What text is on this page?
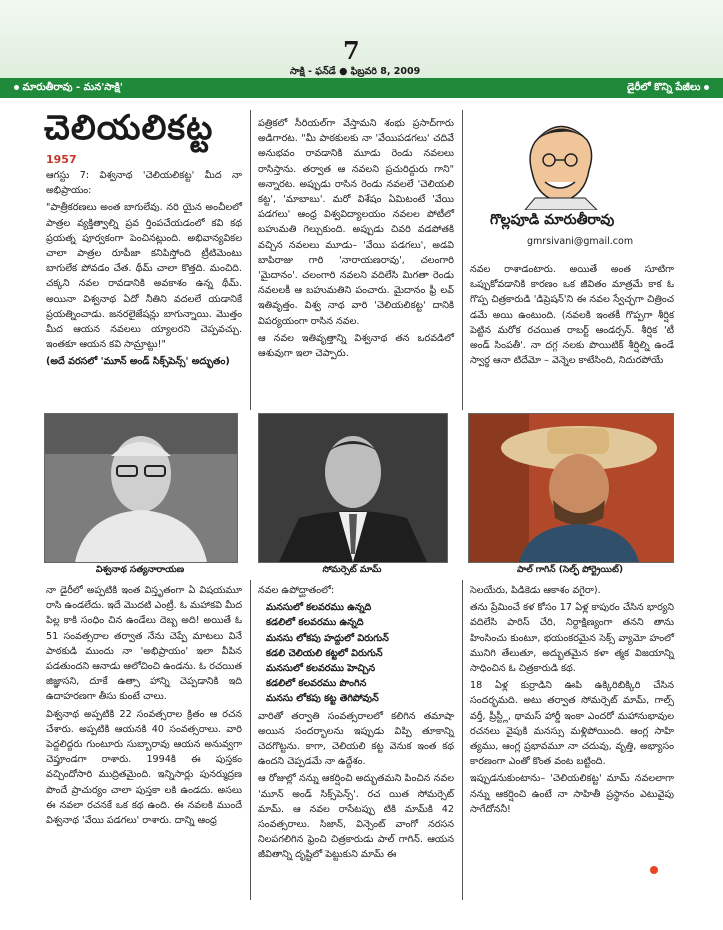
7
సాక్షి - ఫన్‌డే ● ఫిబ్రవరి 8, 2009
మారుతీరావు - మన'సాక్షి'	డైరీలో కొన్ని పేజీలు
చెలియలికట్ట
1957

ఆగస్టు 7: విశ్వనాథ 'చెలియలికట్ట' మీద నా అభిప్రాయం:

"పాత్రీకరణలు అంత బాగులేవు. నరి యైన అంచీలలో పాత్రల వ్యక్తిత్వాల్ని ప్రవ ర్తింపచేయడంలో కవి కథ ప్రయత్న పూర్వకంగా పెంచినట్లుంది. అభివాన్యవికల చాలా పాత్రల రూపీజా కనిపిస్తోంది ట్రీటిమెంటు బాగులేక పోవడం చేత. థీమ్ చాలా కొత్తది. మంచిది. చక్కని నవల రావడానికి అవకాశం ఉన్న థీమ్. అయినా విశ్వనాథ ఏదో నీతిని వదలలే యడానికే ప్రయత్నించాడు. జనరలైజేషన్లు బాగున్నాయి. మొత్తం మీద ఆయన నవలలు య్యాలరని చెప్పవచ్చు. ఇంతకూ ఆయన కవి సామ్రాట్టు!"

(అదే వరసలో 'మూన్ అండ్ సిక్స్‌పెన్స్' అద్భుతం)

పత్రికలో సీరియల్‌గా వేస్తామని శంభు ప్రసాద్‌గారు అడిగారట. "మీ పాఠకులకు నా 'వేయిపడగలు' చదివే అనుభవం రావడానికి మూడు రెండు నవలలు రాసిస్తాను. తర్వాత ఆ నవలని ప్రచురిద్దురు గాని" అన్నారట. అప్పుడు రాసిన రెండు నవలలే 'చెలియలి కట్ట', 'మాబాబు'. మరో విశేషం ఏమిటంటే 'వేయి పడగలు' ఆంధ్ర విశ్వవిద్యాలయం నవలల పోటీలో బహుమతి గెల్చుకుంది. అప్పుడు చివరి వడపోతకి వచ్చిన నవలలు మూడు– 'వేయి పడగలు', అడవి బాపిరాజు గారి 'నారాయణరావు', చలంగారి 'మైదానం'. చలంగారి నవలని వదిలేసి మిగతా రెండు నవలలకీ ఆ బహుమతిని పంచారు. మైదానం ఫ్రీ లవ్ ఇతివృత్తం. విశ్వ నాథ వారి 'చెలియలికట్ట' దానికి విపర్యయంగా రాసిన నవల.

ఆ నవల ఇతివృత్తాన్ని విశ్వనాథ తన ఒరవడిలో ఆశువుగా ఇలా చెప్పారు.

గొల్లపూడి మారుతీరావు
gmrsivani@gmail.com

నవల రాశాడంటారు. అయితే అంత సూటిగా ఒప్పుకోవడానికి కారణం ఒక జీవితం మాత్రమే కాక ఓ గొప్ప చిత్రకారుడి 'డిప్రెషన్'ని ఈ నవల స్వేచ్ఛగా చిత్రించ డమే అయి ఉంటుంది. (నవలకి ఇంతకీ గొప్పగా శీర్షిక పెట్టిన మరోక రచయిత రాబర్ట్ ఆండర్సన్. శీర్షిక 'టీ అండ్ సింపతీ'. నా దగ్గ నలకు పొయిటిక్ శీర్షిల్ని ఉండే స్వార్థ ఆనా టిదేమో – వెన్నెల కాటేసింది, నిదురపోయే

విశ్వనాథ సత్యనారాయణ	సోమర్సెట్ మామ్	పాల్ గాగిన్ (సెల్ఫ్ పోర్ట్రెయిట్)

నా డైరీలో అప్పటికి ఇంత విస్తృతంగా ఏ విషయమూ రాసి ఉండలేదు. ఇదే మొదటి ఎంట్రీ. ఓ మహాకవి మీద పిల్ల కాకి సంధిం చిన ఉండేలు దెబ్బ అది! అయితే ఓ 51 సంవత్సరాల తర్వాత నేను చెప్పే మాటలు వినే పాఠకుడి ముందు నా 'అభిప్రాయం' ఇలా వీపిన పడతుందని ఆనాడు ఆలోచించి ఉండను. ఓ రచయిత జిజ్ఞాసని, దూకే ఉత్సా హాన్ని చెప్పడానికి ఇది ఉదాహరణగా తీసు కుంటే చాలు.

విశ్వనాథ అప్పటికి 22 సంవత్సరాల క్రితం ఆ రచన చేశారు. అప్పటికి ఆయనకి 40 సంవత్సరాలు. వారి పెద్దలిద్దరు గుంటూరు సుబ్బారావు ఆయన అనువ్వగా చెప్తూండగా రాశారు. 1994కి ఈ పుస్తకం వచ్చిందోసారి ముద్రితమైంది. ఇన్నిసార్లు పునర్ముద్రణ పొందే ప్రాచుర్యం చాలా పుస్తకా లకి ఉండదు. అసలు ఈ నవలా రచనకే ఒక కథ ఉంది. ఈ నవలకి ముందే విశ్వనాథ 'వేయి పడగలు' రాశారు. దాన్ని ఆంధ్ర

నవల ఉపోద్ఘాతంలో:

మనసులో కలవరము ఉన్నది
కడలిలో కలవరము ఉన్నది
మనసు లోకపు హద్దులో విరుగున్
కడలి చెలియలి కట్టలో విరుగున్
మనసులో కలవరము హెచ్చిన
కడలిలో కలవరము పొంగిన
మనసు లోకపు కట్ట తెగిపోవున్

వారితో తర్వాతి సంవత్సరాలలో కలిగిన తమాషా అయిన సందర్భాలను ఇప్పుడు విప్పి తూకాన్ని చెదగొట్టను. కాగా, చెలియలి కట్ట వెనుక ఇంత కథ ఉందని చెప్పడమే నా ఉద్దేశం.

ఆ రోజుల్లో నన్ను ఆకర్షించి అద్భుతమని పించిన నవల 'మూన్ అండ్ సిక్స్‌పెన్స్'. రచ యిత సోమర్సెట్ మామ్. ఆ నవల రాసేటప్పు టికి మామ్‌కి 42 సంవత్సరాలు. సిజాన్, విన్సెంట్ వాంగో నరసన నిలపగలిగిన ఫ్రెంచి చిత్రకారుడు పాల్ గాగిన్. ఆయన జీవితాన్ని దృష్టిలో పెట్టుకుని మామ్ ఈ

సెలయేరు, పిడికెడు ఆకాశం వగైరా).

తను ప్రేమించే కళ కోసం 17 ఏళ్ల కాపురం చేసిన భార్యని వదిలేసి పారిస్ చేరి, నిర్దాక్షిణ్యంగా తనని తాను హింసించు కుంటూ, భయంకరమైన సెక్స్ వ్యామో హంలో మునిగి తేలుతూ, అద్భుతమైన కళా త్మక విజయాన్ని సాధించిన ఓ చిత్రకారుడి కథ.

18 ఏళ్ల కుర్రాడిని ఊపి ఉక్కిరిబిక్కిరి చేసిన సందర్భమది. అటు తర్వాత సోమర్సెట్ మామ్, గాల్స్ వర్తీ, ప్రీస్ట్లీ, థామస్ హార్డీ ఇంకా ఎందరో మహానుభావుల రచనలు వైపుకి మనస్సు మళ్లిపోయింది. ఆంగ్ల సాహి త్యము, ఆంగ్ల ప్రభావమూ నా చదువు, వృత్తి, అభ్యాసం కారణంగా ఎంతో కొంత వంట బట్టింది.

ఇప్పుడనుకుంటాను– 'చెలియలికట్ట' మామ్ నవలలాగా నన్ను ఆకర్షించి ఉంటే నా సాహితీ ప్రస్థానం ఎటువైపు సాగేదోననీ!
